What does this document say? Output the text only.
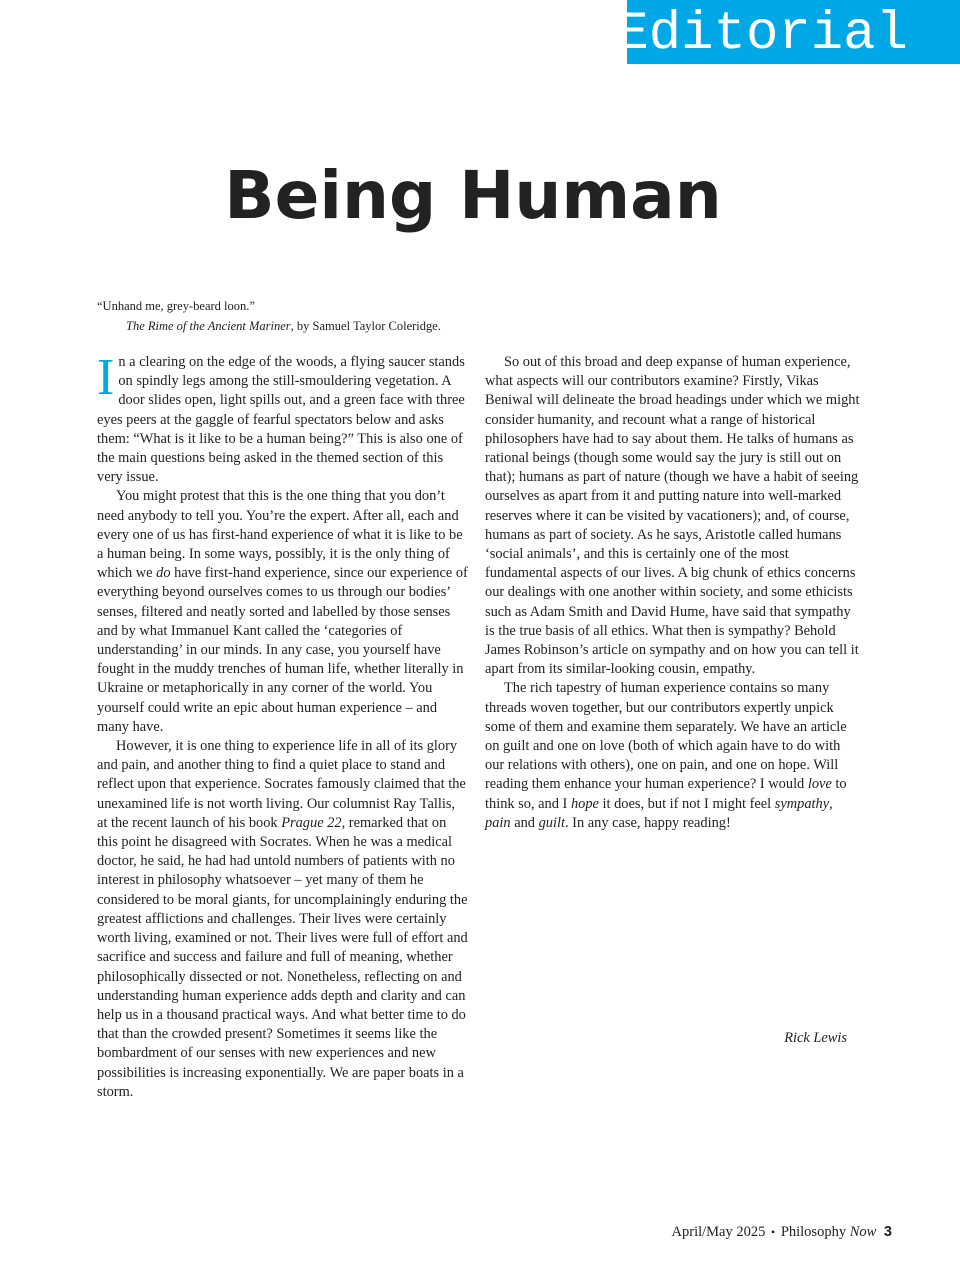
Editorial
Being Human
“Unhand me, grey-beard loon.”
The Rime of the Ancient Mariner, by Samuel Taylor Coleridge.

In a clearing on the edge of the woods, a flying saucer stands on spindly legs among the still-smouldering vegetation. A door slides open, light spills out, and a green face with three eyes peers at the gaggle of fearful spectators below and asks them: “What is it like to be a human being?” This is also one of the main questions being asked in the themed section of this very issue.

You might protest that this is the one thing that you don’t need anybody to tell you. You’re the expert. After all, each and every one of us has first-hand experience of what it is like to be a human being. In some ways, possibly, it is the only thing of which we do have first-hand experience, since our experience of everything beyond ourselves comes to us through our bodies’ senses, filtered and neatly sorted and labelled by those senses and by what Immanuel Kant called the ‘categories of understanding’ in our minds. In any case, you yourself have fought in the muddy trenches of human life, whether literally in Ukraine or metaphorically in any corner of the world. You yourself could write an epic about human experience – and many have.

However, it is one thing to experience life in all of its glory and pain, and another thing to find a quiet place to stand and reflect upon that experience. Socrates famously claimed that the unexamined life is not worth living. Our columnist Ray Tallis, at the recent launch of his book Prague 22, remarked that on this point he disagreed with Socrates. When he was a medical doctor, he said, he had had untold numbers of patients with no interest in philosophy whatsoever – yet many of them he considered to be moral giants, for uncomplainingly enduring the greatest afflictions and challenges. Their lives were certainly worth living, examined or not. Their lives were full of effort and sacrifice and success and failure and full of meaning, whether philosophically dissected or not. Nonetheless, reflecting on and understanding human experience adds depth and clarity and can help us in a thousand practical ways. And what better time to do that than the crowded present? Sometimes it seems like the bombardment of our senses with new experiences and new possibilities is increasing exponentially. We are paper boats in a storm.

So out of this broad and deep expanse of human experience, what aspects will our contributors examine? Firstly, Vikas Beniwal will delineate the broad headings under which we might consider humanity, and recount what a range of historical philosophers have had to say about them. He talks of humans as rational beings (though some would say the jury is still out on that); humans as part of nature (though we have a habit of seeing ourselves as apart from it and putting nature into well-marked reserves where it can be visited by vacationers); and, of course, humans as part of society. As he says, Aristotle called humans ‘social animals’, and this is certainly one of the most fundamental aspects of our lives. A big chunk of ethics concerns our dealings with one another within society, and some ethicists such as Adam Smith and David Hume, have said that sympathy is the true basis of all ethics. What then is sympathy? Behold James Robinson’s article on sympathy and on how you can tell it apart from its similar-looking cousin, empathy.

The rich tapestry of human experience contains so many threads woven together, but our contributors expertly unpick some of them and examine them separately. We have an article on guilt and one on love (both of which again have to do with our relations with others), one on pain, and one on hope. Will reading them enhance your human experience? I would love to think so, and I hope it does, but if not I might feel sympathy, pain and guilt. In any case, happy reading!

Rick Lewis
April/May 2025 • Philosophy Now 3
